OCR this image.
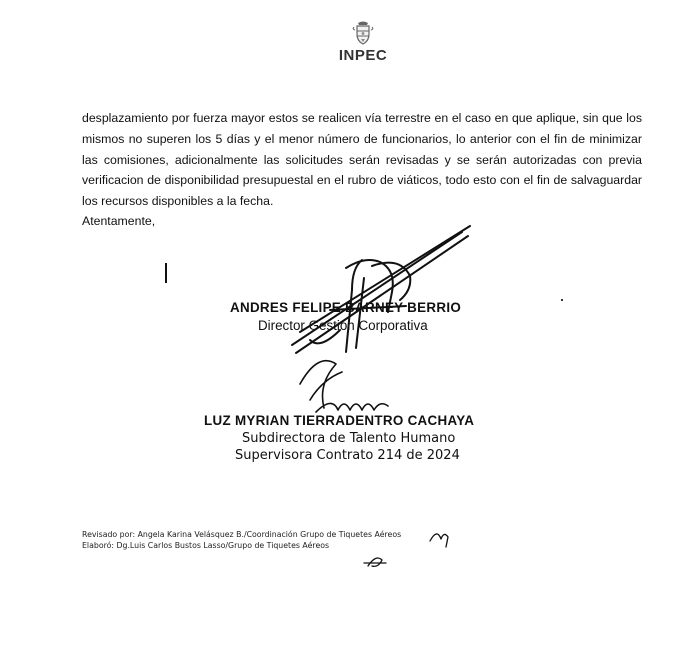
INPEC
desplazamiento por fuerza mayor estos se realicen vía terrestre en el caso en que aplique, sin que los mismos no superen los 5 días y el menor número de funcionarios, lo anterior con el fin de minimizar las comisiones, adicionalmente las solicitudes serán revisadas y se serán autorizadas con previa verificacion de disponibilidad presupuestal en el rubro de viáticos, todo esto con el fin de salvaguardar los recursos disponibles a la fecha.
Atentamente,
ANDRES FELIPE BARNEY BERRIO
Director Gestión Corporativa
LUZ MYRIAN TIERRADENTRO CACHAYA
Subdirectora de Talento Humano
Supervisora Contrato 214 de 2024
Revisado por: Angela Karina Velásquez B./Coordinación Grupo de Tiquetes Aéreos
Elaboró: Dg.Luis Carlos Bustos Lasso/Grupo de Tiquetes Aéreos
